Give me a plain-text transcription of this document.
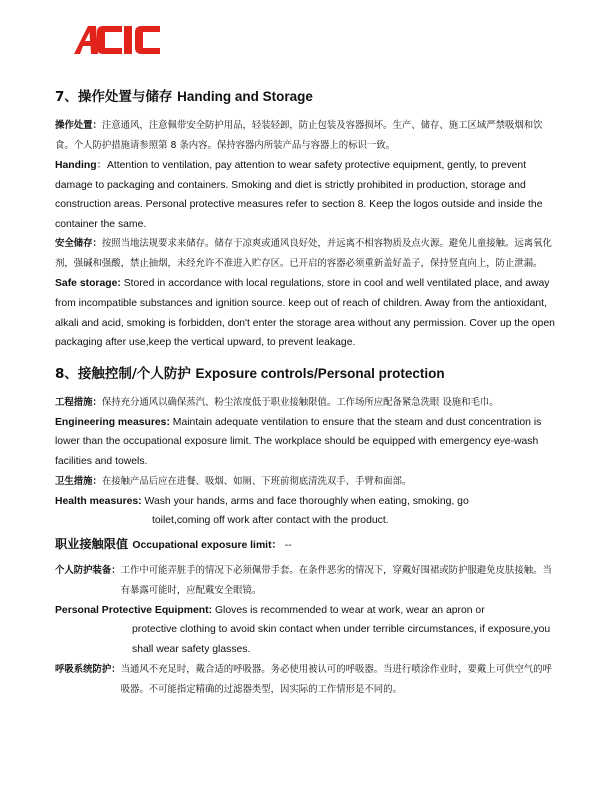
7、操作处置与储存 Handing and Storage

操作处置：注意通风，注意佩带安全防护用品，轻装轻卸，防止包装及容器损坏。生产、储存、施工区域严禁吸烟和饮食。个人防护措施请参照第 8 条内容。保持容器内所装产品与容器上的标识一致。

Handing：Attention to ventilation, pay attention to wear safety protective equipment, gently, to prevent damage to packaging and containers. Smoking and diet is strictly prohibited in production, storage and construction areas. Personal protective measures refer to section 8. Keep the logos outside and inside the container the same.

安全储存：按照当地法规要求来储存。储存于凉爽或通风良好处，并远离不相容物质及点火源。避免儿童接触。远离氧化剂，强碱和强酸，禁止抽烟，未经允许不准进入贮存区。已开启的容器必须重新盖好盖子，保持竖直向上，防止泄漏。

Safe storage: Stored in accordance with local regulations, store in cool and well ventilated place, and away from incompatible substances and ignition source. keep out of reach of children. Away from the antioxidant, alkali and acid, smoking is forbidden, don't enter the storage area without any permission. Cover up the open packaging after use,keep the vertical upward, to prevent leakage.

8、接触控制/个人防护 Exposure controls/Personal protection
工程措施： 保持充分通风以确保蒸汽、粉尘浓度低于职业接触限值。工作场所应配备紧急洗眼 设施和毛巾。

Engineering measures: Maintain adequate ventilation to ensure that the steam and dust concentration is lower than the occupational exposure limit. The workplace should be equipped with emergency eye-wash facilities and towels.

卫生措施：在接触产品后应在进餐、吸烟、如厕、下班前彻底清洗双手、手臂和面部。

Health measures: Wash your hands, arms and face thoroughly when eating, smoking, go
toilet,coming off work after contact with the product.

职业接触限值 Occupational exposure limit： --
个人防护装备： 工作中可能弄脏手的情况下必须佩带手套。在条件恶劣的情况下，穿戴好围裙或防护服避免皮肤接触。当有暴露可能时，应配戴安全眼镜。

Personal Protective Equipment: Gloves is recommended to wear at work, wear an apron or
protective clothing to avoid skin contact when under terrible circumstances, if exposure,you shall wear safety glasses.

呼吸系统防护： 当通风不充足时，戴合适的呼吸器。务必使用被认可的呼吸器。当进行喷涂作业时，要戴上可供空气的呼吸器。不可能指定精确的过滤器类型，因实际的工作情形是不同的。
